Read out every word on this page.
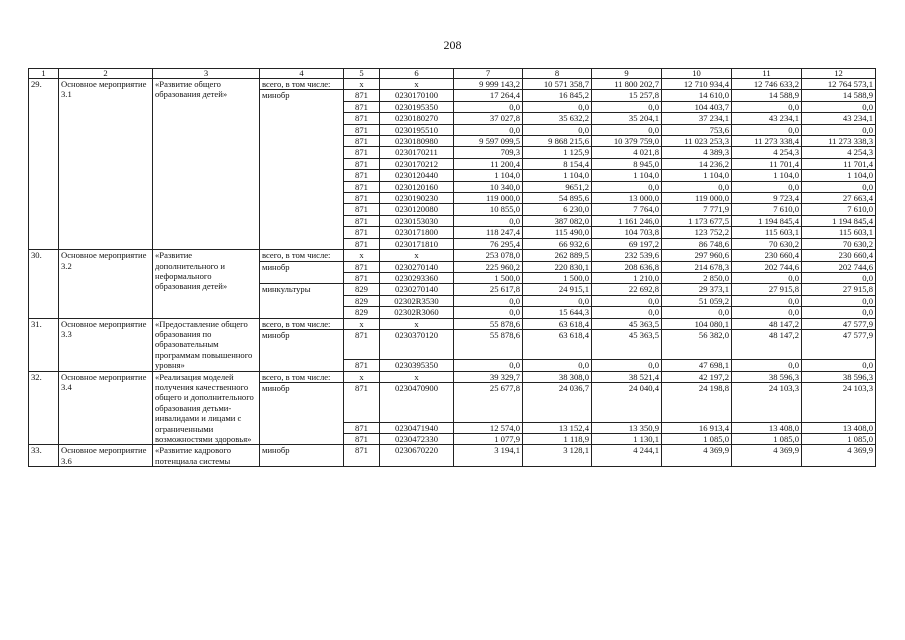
208
1	2	3	4	5	6	7	8	9	10	11	12
29.	Основное мероприятие 3.1	«Развитие общего образования детей»	всего, в том числе:	х	х	9 999 143,2	10 571 358,7	11 800 202,7	12 710 934,4	12 746 633,2	12 764 573,1
			минобр	871	0230170100	17 264,4	16 845,2	15 257,8	14 610,0	14 588,9	14 588,9
				871	0230195350	0,0	0,0	0,0	104 403,7	0,0	0,0
				871	0230180270	37 027,8	35 632,2	35 204,1	37 234,1	43 234,1	43 234,1
				871	0230195510	0,0	0,0	0,0	753,6	0,0	0,0
				871	0230180980	9 597 099,5	9 868 215,6	10 379 759,0	11 023 253,3	11 273 338,4	11 273 338,3
				871	0230170211	709,3	1 125,9	4 021,8	4 389,3	4 254,3	4 254,3
				871	0230170212	11 200,4	8 154,4	8 945,0	14 236,2	11 701,4	11 701,4
				871	0230120440	1 104,0	1 104,0	1 104,0	1 104,0	1 104,0	1 104,0
				871	0230120160	10 340,0	9651,2	0,0	0,0	0,0	0,0
				871	0230190230	119 000,0	54 895,6	13 000,0	119 000,0	9 723,4	27 663,4
				871	0230120080	10 855,0	6 230,0	7 764,0	7 771,9	7 610,0	7 610,0
				871	0230153030	0,0	387 082,0	1 161 246,0	1 173 677,5	1 194 845,4	1 194 845,4
				871	0230171800	118 247,4	115 490,0	104 703,8	123 752,2	115 603,1	115 603,1
				871	0230171810	76 295,4	66 932,6	69 197,2	86 748,6	70 630,2	70 630,2
30.	Основное мероприятие 3.2	«Развитие дополнительного и неформального образования детей»	всего, в том числе:	х	х	253 078,0	262 889,5	232 539,6	297 960,6	230 660,4	230 660,4
			минобр	871	0230270140	225 960,2	220 830,1	208 636,8	214 678,3	202 744,6	202 744,6
				871	0230293360	1 500,0	1 500,0	1 210,0	2 850,0	0,0	0,0
			минкультуры	829	0230270140	25 617,8	24 915,1	22 692,8	29 373,1	27 915,8	27 915,8
				829	02302R3530	0,0	0,0	0,0	51 059,2	0,0	0,0
				829	02302R3060	0,0	15 644,3	0,0	0,0	0,0	0,0
31.	Основное мероприятие 3.3	«Предоставление общего образования по образовательным программам повышенного уровня»	всего, в том числе:	х	х	55 878,6	63 618,4	45 363,5	104 080,1	48 147,2	47 577,9
			минобр	871	0230370120	55 878,6	63 618,4	45 363,5	56 382,0	48 147,2	47 577,9
				871	0230395350	0,0	0,0	0,0	47 698,1	0,0	0,0
32.	Основное мероприятие 3.4	«Реализация моделей получения качественного общего и дополнительного образования детьми-инвалидами и лицами с ограниченными возможностями здоровья»	всего, в том числе:	х	х	39 329,7	38 308,0	38 521,4	42 197,2	38 596,3	38 596,3
			минобр	871	0230470900	25 677,8	24 036,7	24 040,4	24 198,8	24 103,3	24 103,3
				871	0230471940	12 574,0	13 152,4	13 350,9	16 913,4	13 408,0	13 408,0
				871	0230472330	1 077,9	1 118,9	1 130,1	1 085,0	1 085,0	1 085,0
33.	Основное мероприятие 3.6	«Развитие кадрового потенциала системы	минобр	871	0230670220	3 194,1	3 128,1	4 244,1	4 369,9	4 369,9	4 369,9
